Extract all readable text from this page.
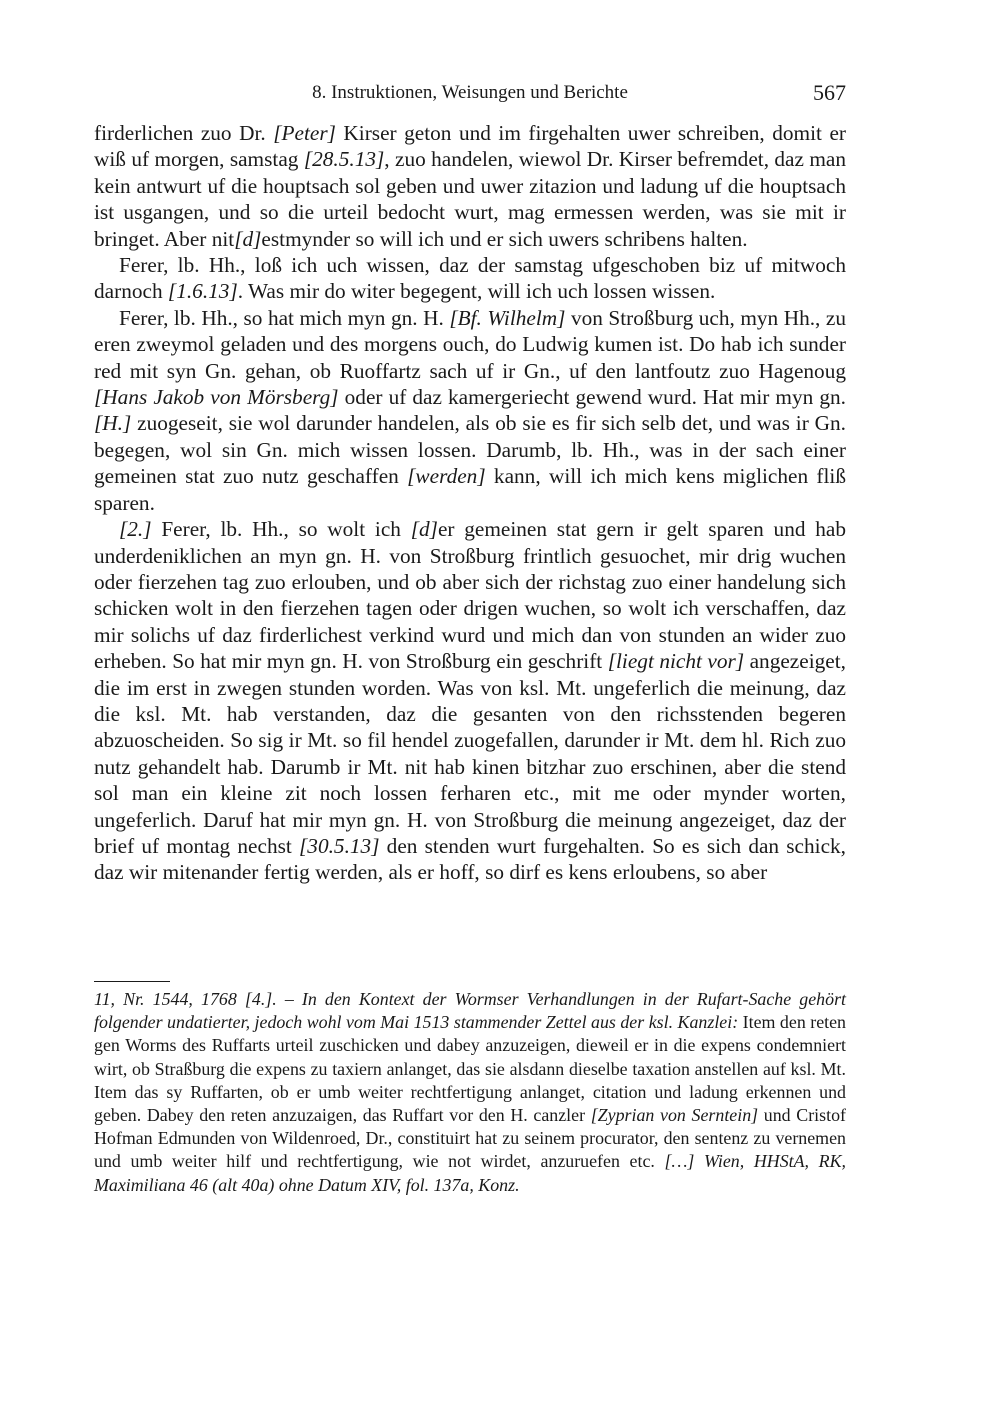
8. Instruktionen, Weisungen und Berichte	567

firderlichen zuo Dr. [Peter] Kirser geton und im firgehalten uwer schreiben, domit er wiß uf morgen, samstag [28.5.13], zuo handelen, wiewol Dr. Kirser befremdet, daz man kein antwurt uf die houptsach sol geben und uwer zitazion und ladung uf die houptsach ist usgangen, und so die urteil bedocht wurt, mag ermessen werden, was sie mit ir bringet. Aber nit[d]estmynder so will ich und er sich uwers schribens halten.

Ferer, lb. Hh., loß ich uch wissen, daz der samstag ufgeschoben biz uf mitwoch darnoch [1.6.13]. Was mir do witer begegent, will ich uch lossen wissen.

Ferer, lb. Hh., so hat mich myn gn. H. [Bf. Wilhelm] von Stroßburg uch, myn Hh., zu eren zweymol geladen und des morgens ouch, do Ludwig kumen ist. Do hab ich sunder red mit syn Gn. gehan, ob Ruoffartz sach uf ir Gn., uf den lantfoutz zuo Hagenoug [Hans Jakob von Mörsberg] oder uf daz kamergeriecht gewend wurd. Hat mir myn gn. [H.] zuogeseit, sie wol darunder handelen, als ob sie es fir sich selb det, und was ir Gn. begegen, wol sin Gn. mich wissen lossen. Darumb, lb. Hh., was in der sach einer gemeinen stat zuo nutz geschaffen [werden] kann, will ich mich kens miglichen fliß sparen.

[2.] Ferer, lb. Hh., so wolt ich [d]er gemeinen stat gern ir gelt sparen und hab underdeniklichen an myn gn. H. von Stroßburg frintlich gesuochet, mir drig wuchen oder fierzehen tag zuo erlouben, und ob aber sich der richstag zuo einer handelung sich schicken wolt in den fierzehen tagen oder drigen wuchen, so wolt ich verschaffen, daz mir solichs uf daz firderlichest verkind wurd und mich dan von stunden an wider zuo erheben. So hat mir myn gn. H. von Stroßburg ein geschrift [liegt nicht vor] angezeiget, die im erst in zwegen stunden worden. Was von ksl. Mt. ungeferlich die meinung, daz die ksl. Mt. hab verstanden, daz die gesanten von den richsstenden begeren abzuoscheiden. So sig ir Mt. so fil hendel zuogefallen, darunder ir Mt. dem hl. Rich zuo nutz gehandelt hab. Darumb ir Mt. nit hab kinen bitzhar zuo erschinen, aber die stend sol man ein kleine zit noch lossen ferharen etc., mit me oder mynder worten, ungeferlich. Daruf hat mir myn gn. H. von Stroßburg die meinung angezeiget, daz der brief uf montag nechst [30.5.13] den stenden wurt furgehalten. So es sich dan schick, daz wir mitenander fertig werden, als er hoff, so dirf es kens erloubens, so aber

11, Nr. 1544, 1768 [4.]. – In den Kontext der Wormser Verhandlungen in der Rufart-Sache gehört folgender undatierter, jedoch wohl vom Mai 1513 stammender Zettel aus der ksl. Kanzlei: Item den reten gen Worms des Ruffarts urteil zuschicken und dabey anzuzeigen, dieweil er in die expens condemniert wirt, ob Straßburg die expens zu taxiern anlanget, das sie alsdann dieselbe taxation anstellen auf ksl. Mt. Item das sy Ruffarten, ob er umb weiter rechtfertigung anlanget, citation und ladung erkennen und geben. Dabey den reten anzuzaigen, das Ruffart vor den H. canzler [Zyprian von Serntein] und Cristof Hofman Edmunden von Wildenroed, Dr., constituirt hat zu seinem procurator, den sentenz zu vernemen und umb weiter hilf und rechtfertigung, wie not wirdet, anzuruefen etc. […] Wien, HHStA, RK, Maximiliana 46 (alt 40a) ohne Datum XIV, fol. 137a, Konz.
